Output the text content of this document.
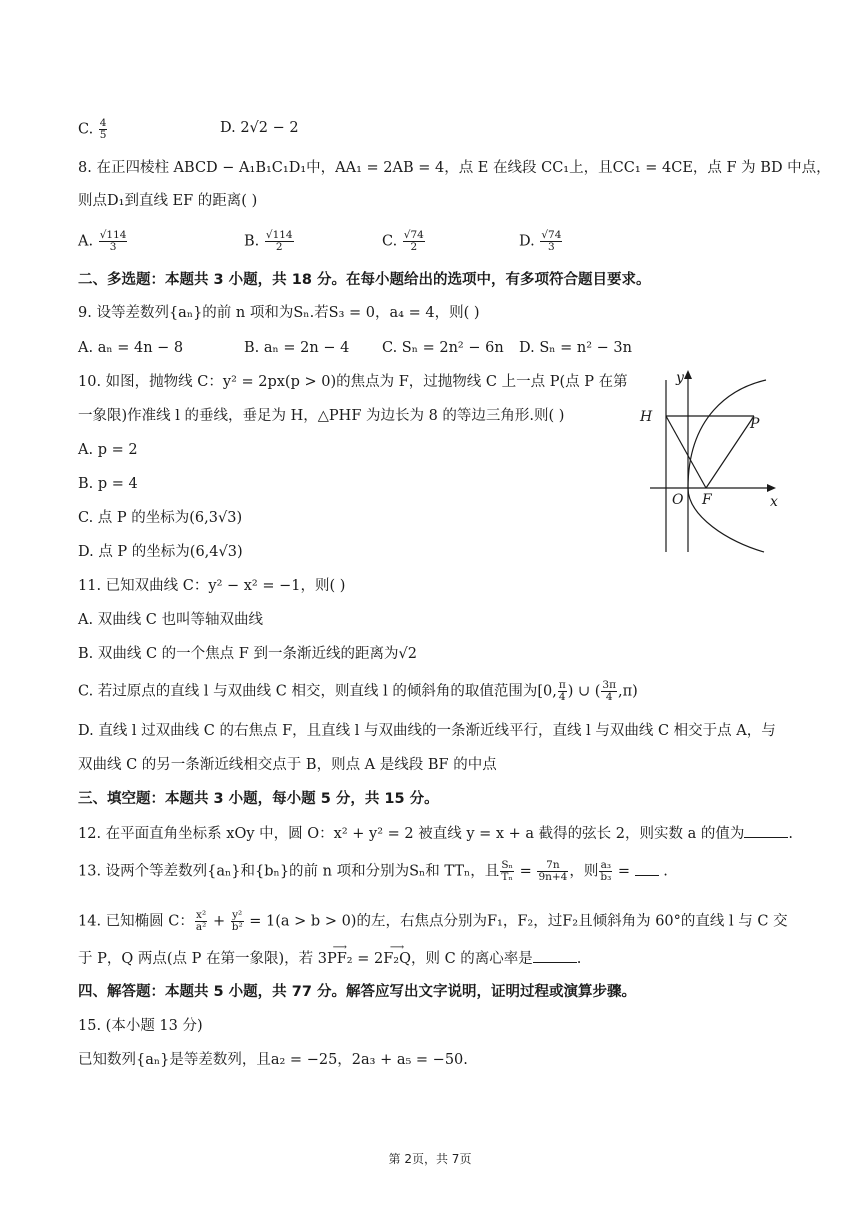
C. $\frac{4}{5}$	D. 2√2 − 2
8. 在正四棱柱 ABCD − A₁B₁C₁D₁中，AA₁ = 2AB = 4，点 E 在线段 CC₁上，且CC₁ = 4CE，点 F 为 BD 中点，
则点D₁到直线 EF 的距离( )
A. $\frac{√114}{3}$	B. $\frac{√114}{2}$	C. $\frac{√74}{2}$	D. $\frac{√74}{3}$
二、多选题：本题共 3 小题，共 18 分。在每小题给出的选项中，有多项符合题目要求。
9. 设等差数列{aₙ}的前 n 项和为Sₙ.若S₃ = 0，a₄ = 4，则( )
A. aₙ = 4n − 8	B. aₙ = 2n − 4 C. Sₙ = 2n² − 6n D. Sₙ = n² − 3n
10. 如图，抛物线 C：y² = 2px(p > 0)的焦点为 F，过抛物线 C 上一点 P(点 P 在第
一象限)作准线 l 的垂线，垂足为 H，△PHF 为边长为 8 的等边三角形.则( )
A. p = 2
B. p = 4
C. 点 P 的坐标为(6,3√3)
D. 点 P 的坐标为(6,4√3)
H	P
F
O
y
x
11. 已知双曲线 C：y² − x² = −1，则( )
A. 双曲线 C 也叫等轴双曲线
B. 双曲线 C 的一个焦点 F 到一条渐近线的距离为√2
C. 若过原点的直线 l 与双曲线 C 相交，则直线 l 的倾斜角的取值范围为[0, $\frac{\pi}{4}$ ) ∪ ( $\frac{3\pi}{4} ,\pi$)
D. 直线 l 过双曲线 C 的右焦点 F，且直线 l 与双曲线的一条渐近线平行，直线 l 与双曲线 C 相交于点 A，与
双曲线 C 的另一条渐近线相交点于 B，则点 A 是线段 BF 的中点
三、填空题：本题共 3 小题，每小题 5 分，共 15 分。
12. 在平面直角坐标系 xOy 中，圆 O：x² + y² = 2 被直线 y = x + a 截得的弦长 2，则实数 a 的值为	.
13. 设两个等差数列{aₙ}和{bₙ}的前 n 项和分别为Sₙ和 TTₙ，且 $\frac{\text{Sₙ}}{\text{Tₙ}} = \frac{7n}{9n+4}$ ，则 $\frac{\text{a₃}}{\text{b₃}}$ =  .
14. 已知椭圆 C： $\frac{\text{x²}}{\text{a²}} + \frac{\text{y²}}{\text{b²}} = 1(a > b > 0)$的左，右焦点分别为F₁，F₂，过F₂且倾斜角为 60°的直线 l 与 C 交
于 P，Q 两点(点 P 在第一象限)，若 3⟶ PF₂ = 2⟶ F₂Q，则 C 的离心率是	.
四、解答题：本题共 5 小题，共 77 分。解答应写出文字说明，证明过程或演算步骤。
15. (本小题 13 分)
已知数列{aₙ}是等差数列，且a₂ = −25，2a₃ + a₅ = −50.
第 2页，共 7页
